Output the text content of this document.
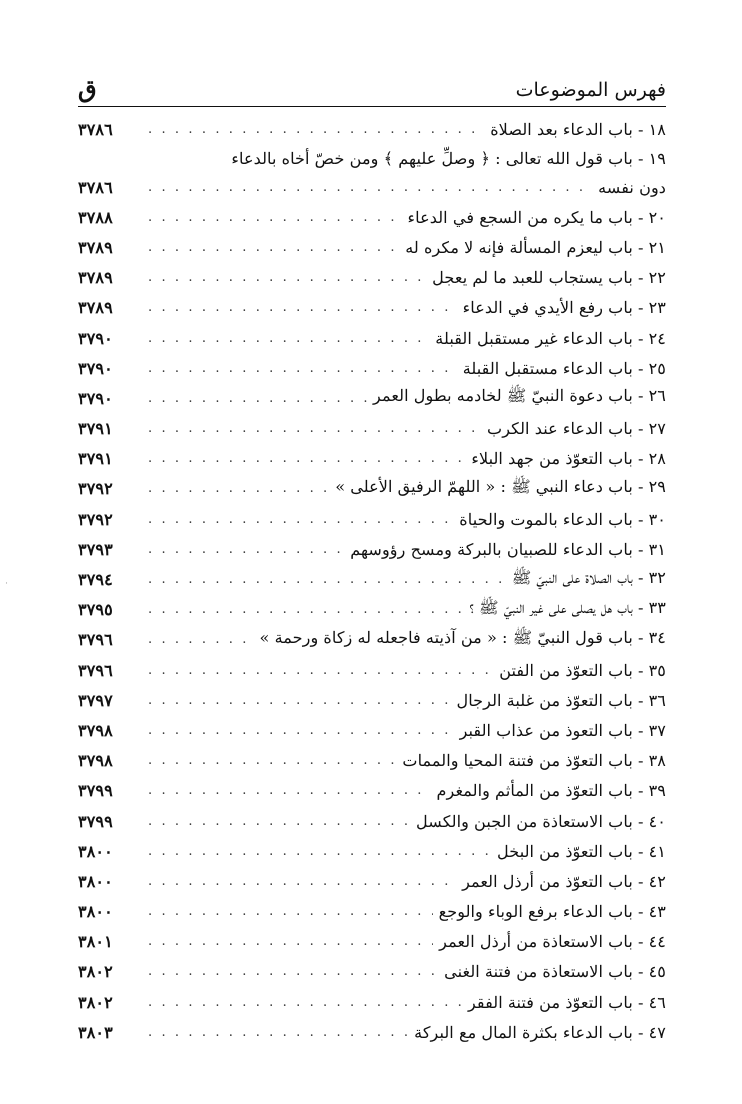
فهرس الموضوعات
ق
١٨ - باب الدعاء بعد الصلاة
. . .
٣٧٨٦
١٩ - باب قول الله تعالى : ﴿ وصلِّ عليهم ﴾ ومن خصّ أخاه بالدعاء
دون نفسه
. . .
٣٧٨٦
٢٠ - باب ما يكره من السجع في الدعاء
. . .
٣٧٨٨
٢١ - باب ليعزم المسألة فإنه لا مكره له
. . .
٣٧٨٩
٢٢ - باب يستجاب للعبد ما لم يعجل
. . .
٣٧٨٩
٢٣ - باب رفع الأيدي في الدعاء
. . .
٣٧٨٩
٢٤ - باب الدعاء غير مستقبل القبلة
. . .
٣٧٩٠
٢٥ - باب الدعاء مستقبل القبلة
. . .
٣٧٩٠
٢٦ - باب دعوة النبيّ ﷺ لخادمه بطول العمر
. . .
٣٧٩٠
٢٧ - باب الدعاء عند الكرب
. . .
٣٧٩١
٢٨ - باب التعوّذ من جهد البلاء
. . .
٣٧٩١
٢٩ - باب دعاء النبي ﷺ : « اللهمّ الرفيق الأعلى »
. . .
٣٧٩٢
٣٠ - باب الدعاء بالموت والحياة
. . .
٣٧٩٢
٣١ - باب الدعاء للصبيان بالبركة ومسح رؤوسهم
. . .
٣٧٩٣
٣٢ - باب الصلاة على النبيّ ﷺ
. . .
٣٧٩٤
٣٣ - باب هل يصلى على غير النبيّ ﷺ ؟
. . .
٣٧٩٥
٣٤ - باب قول النبيّ ﷺ : « من آذيته فاجعله له زكاة ورحمة »
. . .
٣٧٩٦
٣٥ - باب التعوّذ من الفتن
. . .
٣٧٩٦
٣٦ - باب التعوّذ من غلبة الرجال
. . .
٣٧٩٧
٣٧ - باب التعوذ من عذاب القبر
. . .
٣٧٩٨
٣٨ - باب التعوّذ من فتنة المحيا والممات
. . .
٣٧٩٨
٣٩ - باب التعوّذ من المأثم والمغرم
. . .
٣٧٩٩
٤٠ - باب الاستعاذة من الجبن والكسل
. . .
٣٧٩٩
٤١ - باب التعوّذ من البخل
. . .
٣٨٠٠
٤٢ - باب التعوّذ من أرذل العمر
. . .
٣٨٠٠
٤٣ - باب الدعاء برفع الوباء والوجع
. . .
٣٨٠٠
٤٤ - باب الاستعاذة من أرذل العمر
. . .
٣٨٠١
٤٥ - باب الاستعاذة من فتنة الغنى
. . .
٣٨٠٢
٤٦ - باب التعوّذ من فتنة الفقر
. . .
٣٨٠٢
٤٧ - باب الدعاء بكثرة المال مع البركة
. . .
٣٨٠٣
˙
